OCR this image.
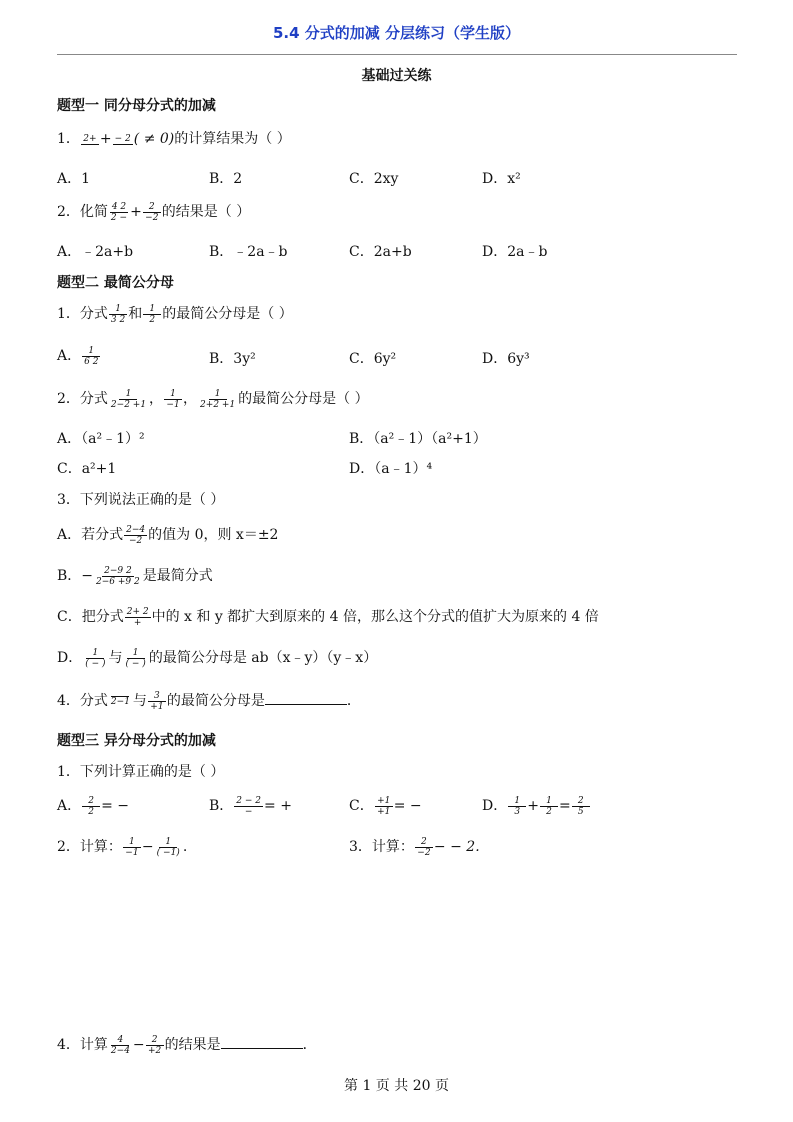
5.4 分式的加减 分层练习（学生版）
基础过关练
题型一 同分母分式的加减
1． 2+ + − 2 ( ≠ 0)的计算结果为（ ）
A．1	B．2	C．2xy	D．x²
2．化简 $\frac{4 2}{2 -} + \frac{2}{-2}$ 的结果是（ ）
A．﹣2a+b	B．﹣2a﹣b	C．2a+b	D．2a﹣b
题型二 最简公分母
1．分式 $\frac{1}{3 2}$ 和 $\frac{1}{2}$ 的最简公分母是（ ）
A． $\frac{1}{6 2}$	B．3y²	C．6y²	D．6y³
2．分式 $\frac{1}{2-2 +1}$ ， $\frac{1}{-1}$ ， $\frac{1}{2+2 +1}$ 的最简公分母是（ ）
A．（a²﹣1）²	B．（a²﹣1）（a²+1）
C．a²+1	D．（a﹣1）⁴
3．下列说法正确的是（ ）
A．若分式 $\frac{2-4}{-2}$ 的值为 0，则 x＝±2
B．− $\frac{2-9 2}{2-6 +9 2}$ 是最简分式
C．把分式 $\frac{2+ 2}{+}$ 中的 x 和 y 都扩大到原来的 4 倍，那么这个分式的值扩大为原来的 4 倍
D． $\frac{1}{( - )}$ 与 $\frac{1}{( - )}$ 的最简公分母是 ab（x﹣y）（y﹣x）
4．分式 2−1 与 $\frac{3}{+1}$ 的最简公分母是	．
题型三 异分母分式的加减
1．下列计算正确的是（ ）
A． $\frac{2}{2}$ = −	B． $\frac{2 - 2}{-}$ = +	C． $\frac{+1}{+1}$ = −	D． $\frac{1}{3} + \frac{1}{2} = \frac{2}{5}$
2．计算： $\frac{1}{-1} - \frac{1}{( -1)}$ .	3．计算： $\frac{2}{-2}$ − − 2.
4．计算 $\frac{4}{2-4} - \frac{2}{+2}$ 的结果是	．
第 1 页 共 20 页
